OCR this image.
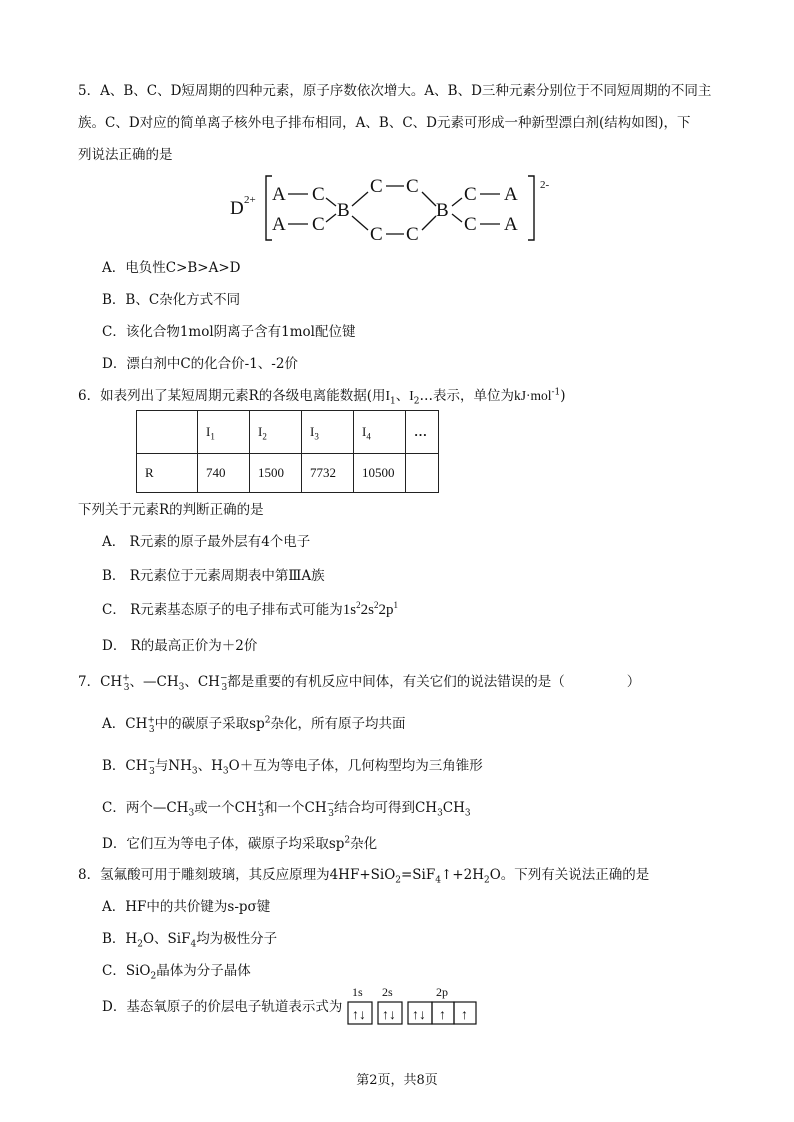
5．A、B、C、D短周期的四种元素，原子序数依次增大。A、B、D三种元素分别位于不同短周期的不同主
族。C、D对应的简单离子核外电子排布相同，A、B、C、D元素可形成一种新型漂白剂(结构如图)，下
列说法正确的是
D 2+
2-
A C
A C
B
C C
C C
B
C A
C A
A．电负性C>B>A>D
B．B、C杂化方式不同
C．该化合物1mol阴离子含有1mol配位键
D．漂白剂中C的化合价-1、-2价
6．如表列出了某短周期元素R的各级电离能数据(用$I_1$、$I_2\dots$表示，单位为kJ·mol$^{-1}$)
	$I_1$	$I_2$	$I_3$	$I_4$	…
R	740	1500	7732	10500	
下列关于元素R的判断正确的是
A． R元素的原子最外层有4个电子
B． R元素位于元素周期表中第ⅢA族
C． R元素基态原子的电子排布式可能为$1s^22s^22p^1$
D． R的最高正价为＋2价
7．$CH^+_3$、$—CH_3$、$CH^-_3$都是重要的有机反应中间体，有关它们的说法错误的是（	）
A．$CH^+_3$中的碳原子采取$sp^2$杂化，所有原子均共面
B．$CH^-_3$与$NH_3$、$H_3O+$互为等电子体，几何构型均为三角锥形
C．两个$—CH_3$或一个$CH^+_3$和一个$CH^-_3$结合均可得到$CH_3CH_3$
D．它们互为等电子体，碳原子均采取$sp^2$杂化
8．氢氟酸可用于雕刻玻璃，其反应原理为$4HF+SiO_2=SiF_4↑+2H_2O$。下列有关说法正确的是
A．HF中的共价键为s-pσ键
B．$H_2O$、SiF$_4$均为极性分子
C．SiO$_2$晶体为分子晶体
D．基态氧原子的价层电子轨道表示式为
1s 2s	2p
↑↓ ↑↓ ↑↓ ↑ ↑
第2页，共8页
